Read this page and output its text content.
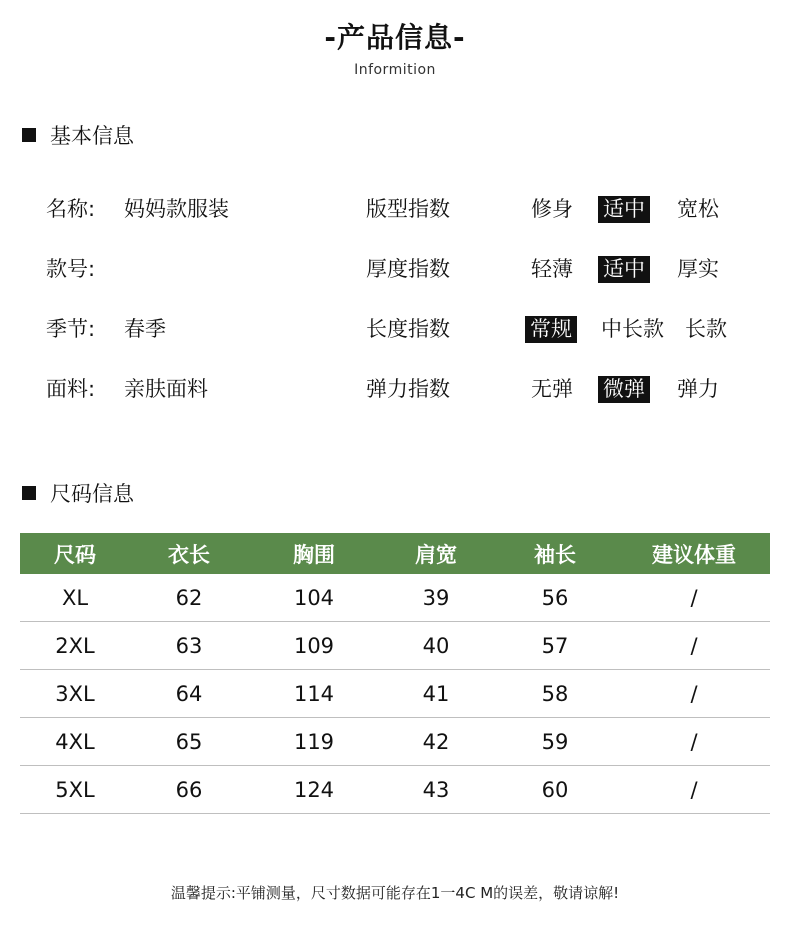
-产品信息-
Informition
基本信息
名称: 妈妈款服装	版型指数	修身 适中 宽松
款号:	厚度指数	轻薄 适中 厚实
季节: 春季	长度指数	常规 中长款 长款
面料: 亲肤面料	弹力指数	无弹 微弹 弹力
尺码信息
尺码	衣长	胸围	肩宽	袖长	建议体重
XL	62	104	39	56	/
2XL	63	109	40	57	/
3XL	64	114	41	58	/
4XL	65	119	42	59	/
5XL	66	124	43	60	/
温馨提示:平铺测量，尺寸数据可能存在1一4C M的误差，敬请谅解!
